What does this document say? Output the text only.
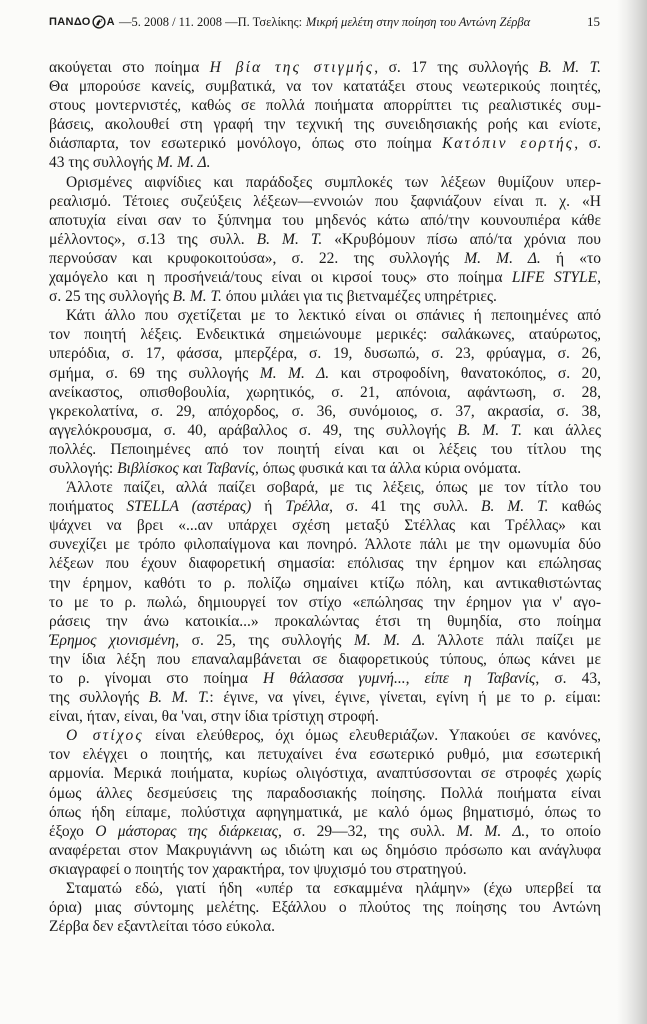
ΠΑΝΔΟ Α —5. 2008 / 11. 2008 —Π. Τσελίκης: Μικρή μελέτη στην ποίηση του Αντώνη Ζέρβα	15
ακούγεται στο ποίημα Η βία της στιγμής, σ. 17 της συλλογής Β. Μ. Τ.
Θα μπορούσε κανείς, συμβατικά, να τον κατατάξει στους νεωτερικούς ποιητές,
στους μοντερνιστές, καθώς σε πολλά ποιήματα απορρίπτει τις ρεαλιστικές συμ-
βάσεις, ακολουθεί στη γραφή την τεχνική της συνειδησιακής ροής και ενίοτε,
διάσπαρτα, τον εσωτερικό μονόλογο, όπως στο ποίημα Κατόπιν εορτής, σ.
43 της συλλογής Μ. Μ. Δ.
Ορισμένες αιφνίδιες και παράδοξες συμπλοκές των λέξεων θυμίζουν υπερ-
ρεαλισμό. Τέτοιες συζεύξεις λέξεων—εννοιών που ξαφνιάζουν είναι π. χ. «Η
αποτυχία είναι σαν το ξύπνημα του μηδενός κάτω από/την κουνουπιέρα κάθε
μέλλοντος», σ.13 της συλλ. Β. Μ. Τ. «Κρυβόμουν πίσω από/τα χρόνια που
περνούσαν και κρυφοκοιτούσα», σ. 22. της συλλογής Μ. Μ. Δ. ή «το
χαμόγελο και η προσήνειά/τους είναι οι κιρσοί τους» στο ποίημα LIFE STYLE,
σ. 25 της συλλογής Β. Μ. Τ. όπου μιλάει για τις βιετναμέζες υπηρέτριες.
Κάτι άλλο που σχετίζεται με το λεκτικό είναι οι σπάνιες ή πεποιημένες από
τον ποιητή λέξεις. Ενδεικτικά σημειώνουμε μερικές: σαλάκωνες, αταύρωτος,
υπερόδια, σ. 17, φάσσα, μπερζέρα, σ. 19, δυσωπώ, σ. 23, φρύαγμα, σ. 26,
σμήμα, σ. 69 της συλλογής Μ. Μ. Δ. και στροφοδίνη, θανατοκόπος, σ. 20,
ανείκαστος, οπισθοβουλία, χωρητικός, σ. 21, απόνοια, αφάντωση, σ. 28,
γκρεκολατίνα, σ. 29, απόχορδος, σ. 36, συνόμοιος, σ. 37, ακρασία, σ. 38,
αγγελόκρουσμα, σ. 40, αράβαλλος σ. 49, της συλλογής Β. Μ. Τ. και άλλες
πολλές. Πεποιημένες από τον ποιητή είναι και οι λέξεις του τίτλου της
συλλογής: Βιβλίσκος και Ταβανίς, όπως φυσικά και τα άλλα κύρια ονόματα.
Άλλοτε παίζει, αλλά παίζει σοβαρά, με τις λέξεις, όπως με τον τίτλο του
ποιήματος STELLA (αστέρας) ή Τρέλλα, σ. 41 της συλλ. Β. Μ. Τ. καθώς
ψάχνει να βρει «...αν υπάρχει σχέση μεταξύ Στέλλας και Τρέλλας» και
συνεχίζει με τρόπο φιλοπαίγμονα και πονηρό. Άλλοτε πάλι με την ομωνυμία δύο
λέξεων που έχουν διαφορετική σημασία: επόλισας την έρημον και επώλησας
την έρημον, καθότι το ρ. πολίζω σημαίνει κτίζω πόλη, και αντικαθιστώντας
το με το ρ. πωλώ, δημιουργεί τον στίχο «επώλησας την έρημον για ν' αγο-
ράσεις την άνω κατοικία...» προκαλώντας έτσι τη θυμηδία, στο ποίημα
Έρημος χιονισμένη, σ. 25, της συλλογής Μ. Μ. Δ. Άλλοτε πάλι παίζει με
την ίδια λέξη που επαναλαμβάνεται σε διαφορετικούς τύπους, όπως κάνει με
το ρ. γίνομαι στο ποίημα Η θάλασσα γυμνή..., είπε η Ταβανίς, σ. 43,
της συλλογής Β. Μ. Τ.: έγινε, να γίνει, έγινε, γίνεται, εγίνη ή με το ρ. είμαι:
είναι, ήταν, είναι, θα 'ναι, στην ίδια τρίστιχη στροφή.
Ο στίχος είναι ελεύθερος, όχι όμως ελευθεριάζων. Υπακούει σε κανόνες,
τον ελέγχει ο ποιητής, και πετυχαίνει ένα εσωτερικό ρυθμό, μια εσωτερική
αρμονία. Μερικά ποιήματα, κυρίως ολιγόστιχα, αναπτύσσονται σε στροφές χωρίς
όμως άλλες δεσμεύσεις της παραδοσιακής ποίησης. Πολλά ποιήματα είναι
όπως ήδη είπαμε, πολύστιχα αφηγηματικά, με καλό όμως βηματισμό, όπως το
έξοχο Ο μάστορας της διάρκειας, σ. 29—32, της συλλ. Μ. Μ. Δ., το οποίο
αναφέρεται στον Μακρυγιάννη ως ιδιώτη και ως δημόσιο πρόσωπο και ανάγλυφα
σκιαγραφεί ο ποιητής τον χαρακτήρα, τον ψυχισμό του στρατηγού.
Σταματώ εδώ, γιατί ήδη «υπέρ τα εσκαμμένα ηλάμην» (έχω υπερβεί τα
όρια) μιας σύντομης μελέτης. Εξάλλου ο πλούτος της ποίησης του Αντώνη
Ζέρβα δεν εξαντλείται τόσο εύκολα.
